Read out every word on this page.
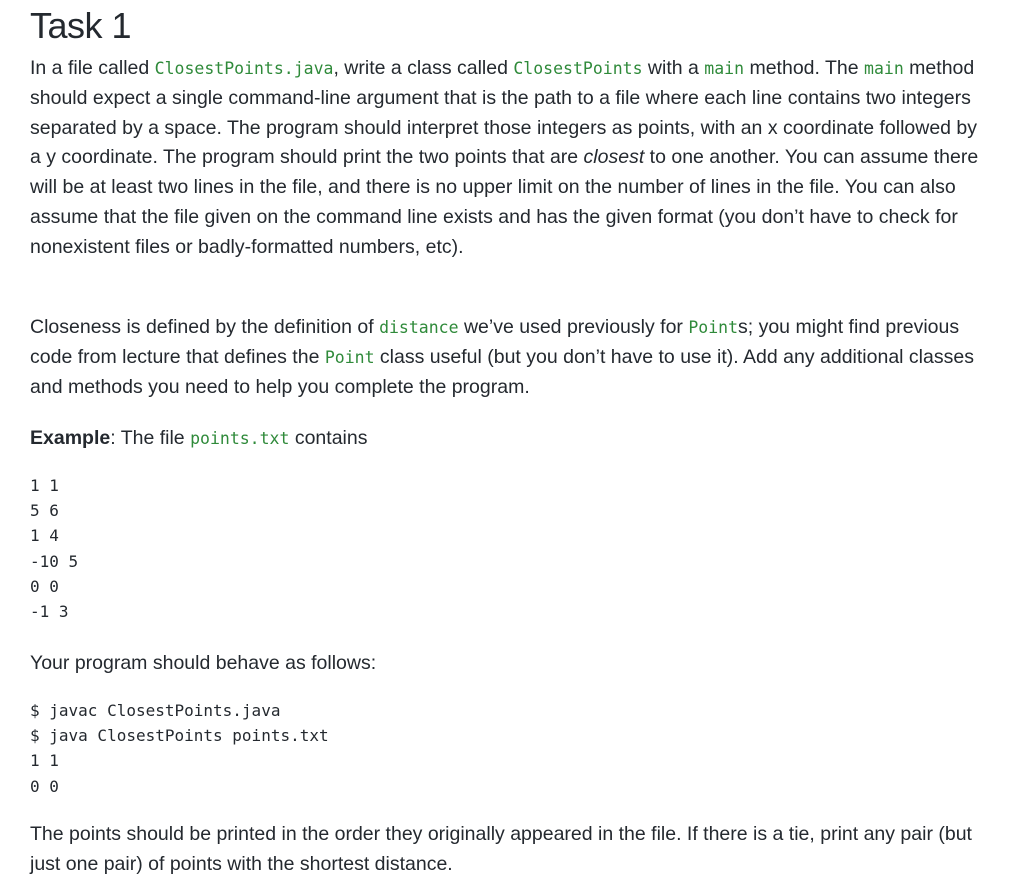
Task 1

In a file called ClosestPoints.java, write a class called ClosestPoints with a main method. The main method should expect a single command-line argument that is the path to a file where each line contains two integers separated by a space. The program should interpret those integers as points, with an x coordinate followed by a y coordinate. The program should print the two points that are closest to one another. You can assume there will be at least two lines in the file, and there is no upper limit on the number of lines in the file. You can also assume that the file given on the command line exists and has the given format (you don’t have to check for nonexistent files or badly-formatted numbers, etc).

Closeness is defined by the definition of distance we’ve used previously for Points; you might find previous code from lecture that defines the Point class useful (but you don’t have to use it). Add any additional classes and methods you need to help you complete the program.

Example: The file points.txt contains

1 1
5 6
1 4
-10 5
0 0
-1 3

Your program should behave as follows:

$ javac ClosestPoints.java
$ java ClosestPoints points.txt
1 1
0 0

The points should be printed in the order they originally appeared in the file. If there is a tie, print any pair (but just one pair) of points with the shortest distance.
